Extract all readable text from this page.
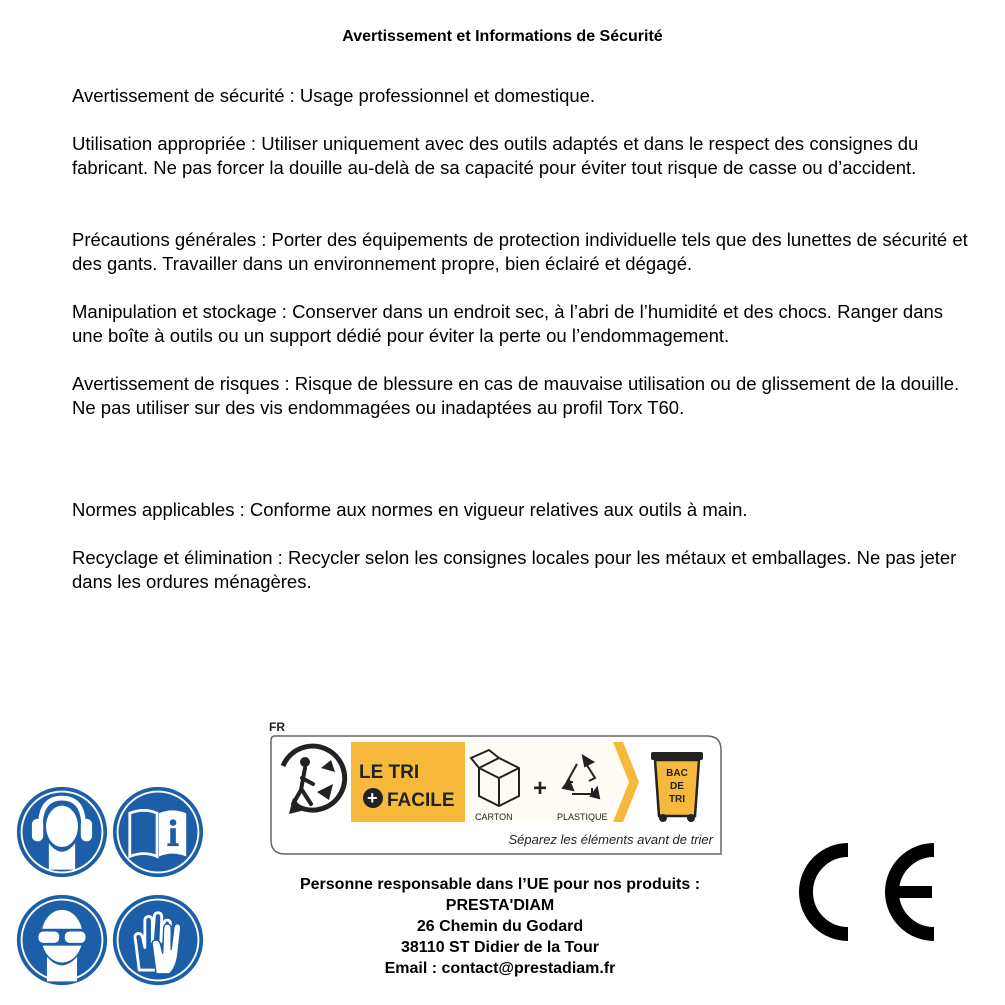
Avertissement et Informations de Sécurité
Avertissement de sécurité : Usage professionnel et domestique.
Utilisation appropriée : Utiliser uniquement avec des outils adaptés et dans le respect des consignes du fabricant. Ne pas forcer la douille au-delà de sa capacité pour éviter tout risque de casse ou d’accident.
Précautions générales : Porter des équipements de protection individuelle tels que des lunettes de sécurité et des gants. Travailler dans un environnement propre, bien éclairé et dégagé.
Manipulation et stockage : Conserver dans un endroit sec, à l’abri de l’humidité et des chocs. Ranger dans une boîte à outils ou un support dédié pour éviter la perte ou l’endommagement.
Avertissement de risques : Risque de blessure en cas de mauvaise utilisation ou de glissement de la douille. Ne pas utiliser sur des vis endommagées ou inadaptées au profil Torx T60.
Normes applicables : Conforme aux normes en vigueur relatives aux outils à main.
Recyclage et élimination : Recycler selon les consignes locales pour les métaux et emballages. Ne pas jeter dans les ordures ménagères.
FR
LE TRI
+ FACILE
CARTON
+
PLASTIQUE
BAC
DE
TRI
Séparez les éléments avant de trier
Personne responsable dans l’UE pour nos produits :
PRESTA'DIAM
26 Chemin du Godard
38110 ST Didier de la Tour
Email : contact@prestadiam.fr
